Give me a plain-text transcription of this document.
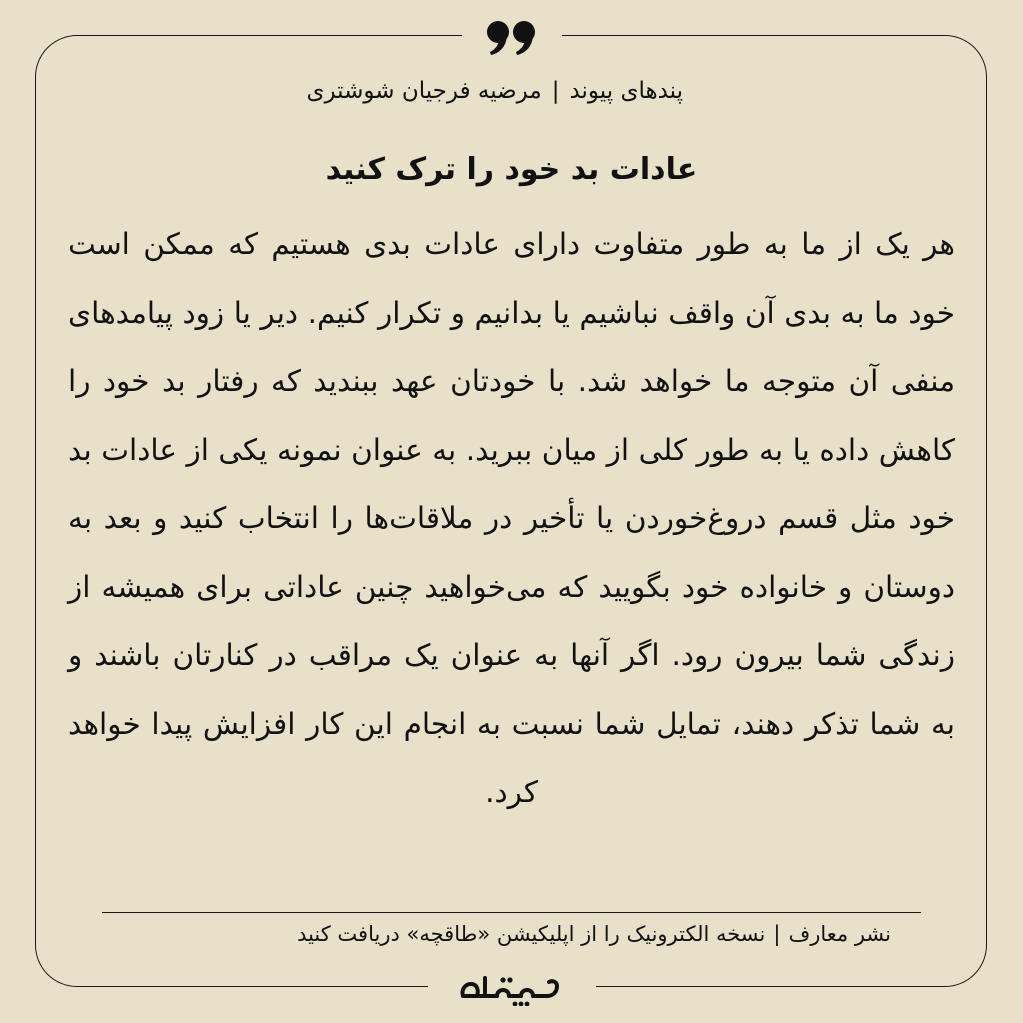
پندهای پیوند|مرضیه فرجیان شوشتری
عادات بد خود را ترک کنید
هر یک از ما به طور متفاوت دارای عادات بدی هستیم که ممکن است خود ما به بدی آن واقف نباشیم یا بدانیم و تکرار کنیم. دیر یا زود پیامدهای منفی آن متوجه ما خواهد شد. با خودتان عهد ببندید که رفتار بد خود را کاهش داده یا به طور کلی از میان ببرید. به عنوان نمونه یکی از عادات بد خود مثل قسم دروغ‌خوردن یا تأخیر در ملاقات‌ها را انتخاب کنید و بعد به دوستان و خانواده خود بگویید که می‌خواهید چنین عاداتی برای همیشه از زندگی شما بیرون رود. اگر آنها به عنوان یک مراقب در کنارتان باشند و به شما تذکر دهند، تمایل شما نسبت به انجام این کار افزایش پیدا خواهد کرد.
نشر معارف|نسخه الکترونیک را از اپلیکیشن «طاقچه» دریافت کنید
